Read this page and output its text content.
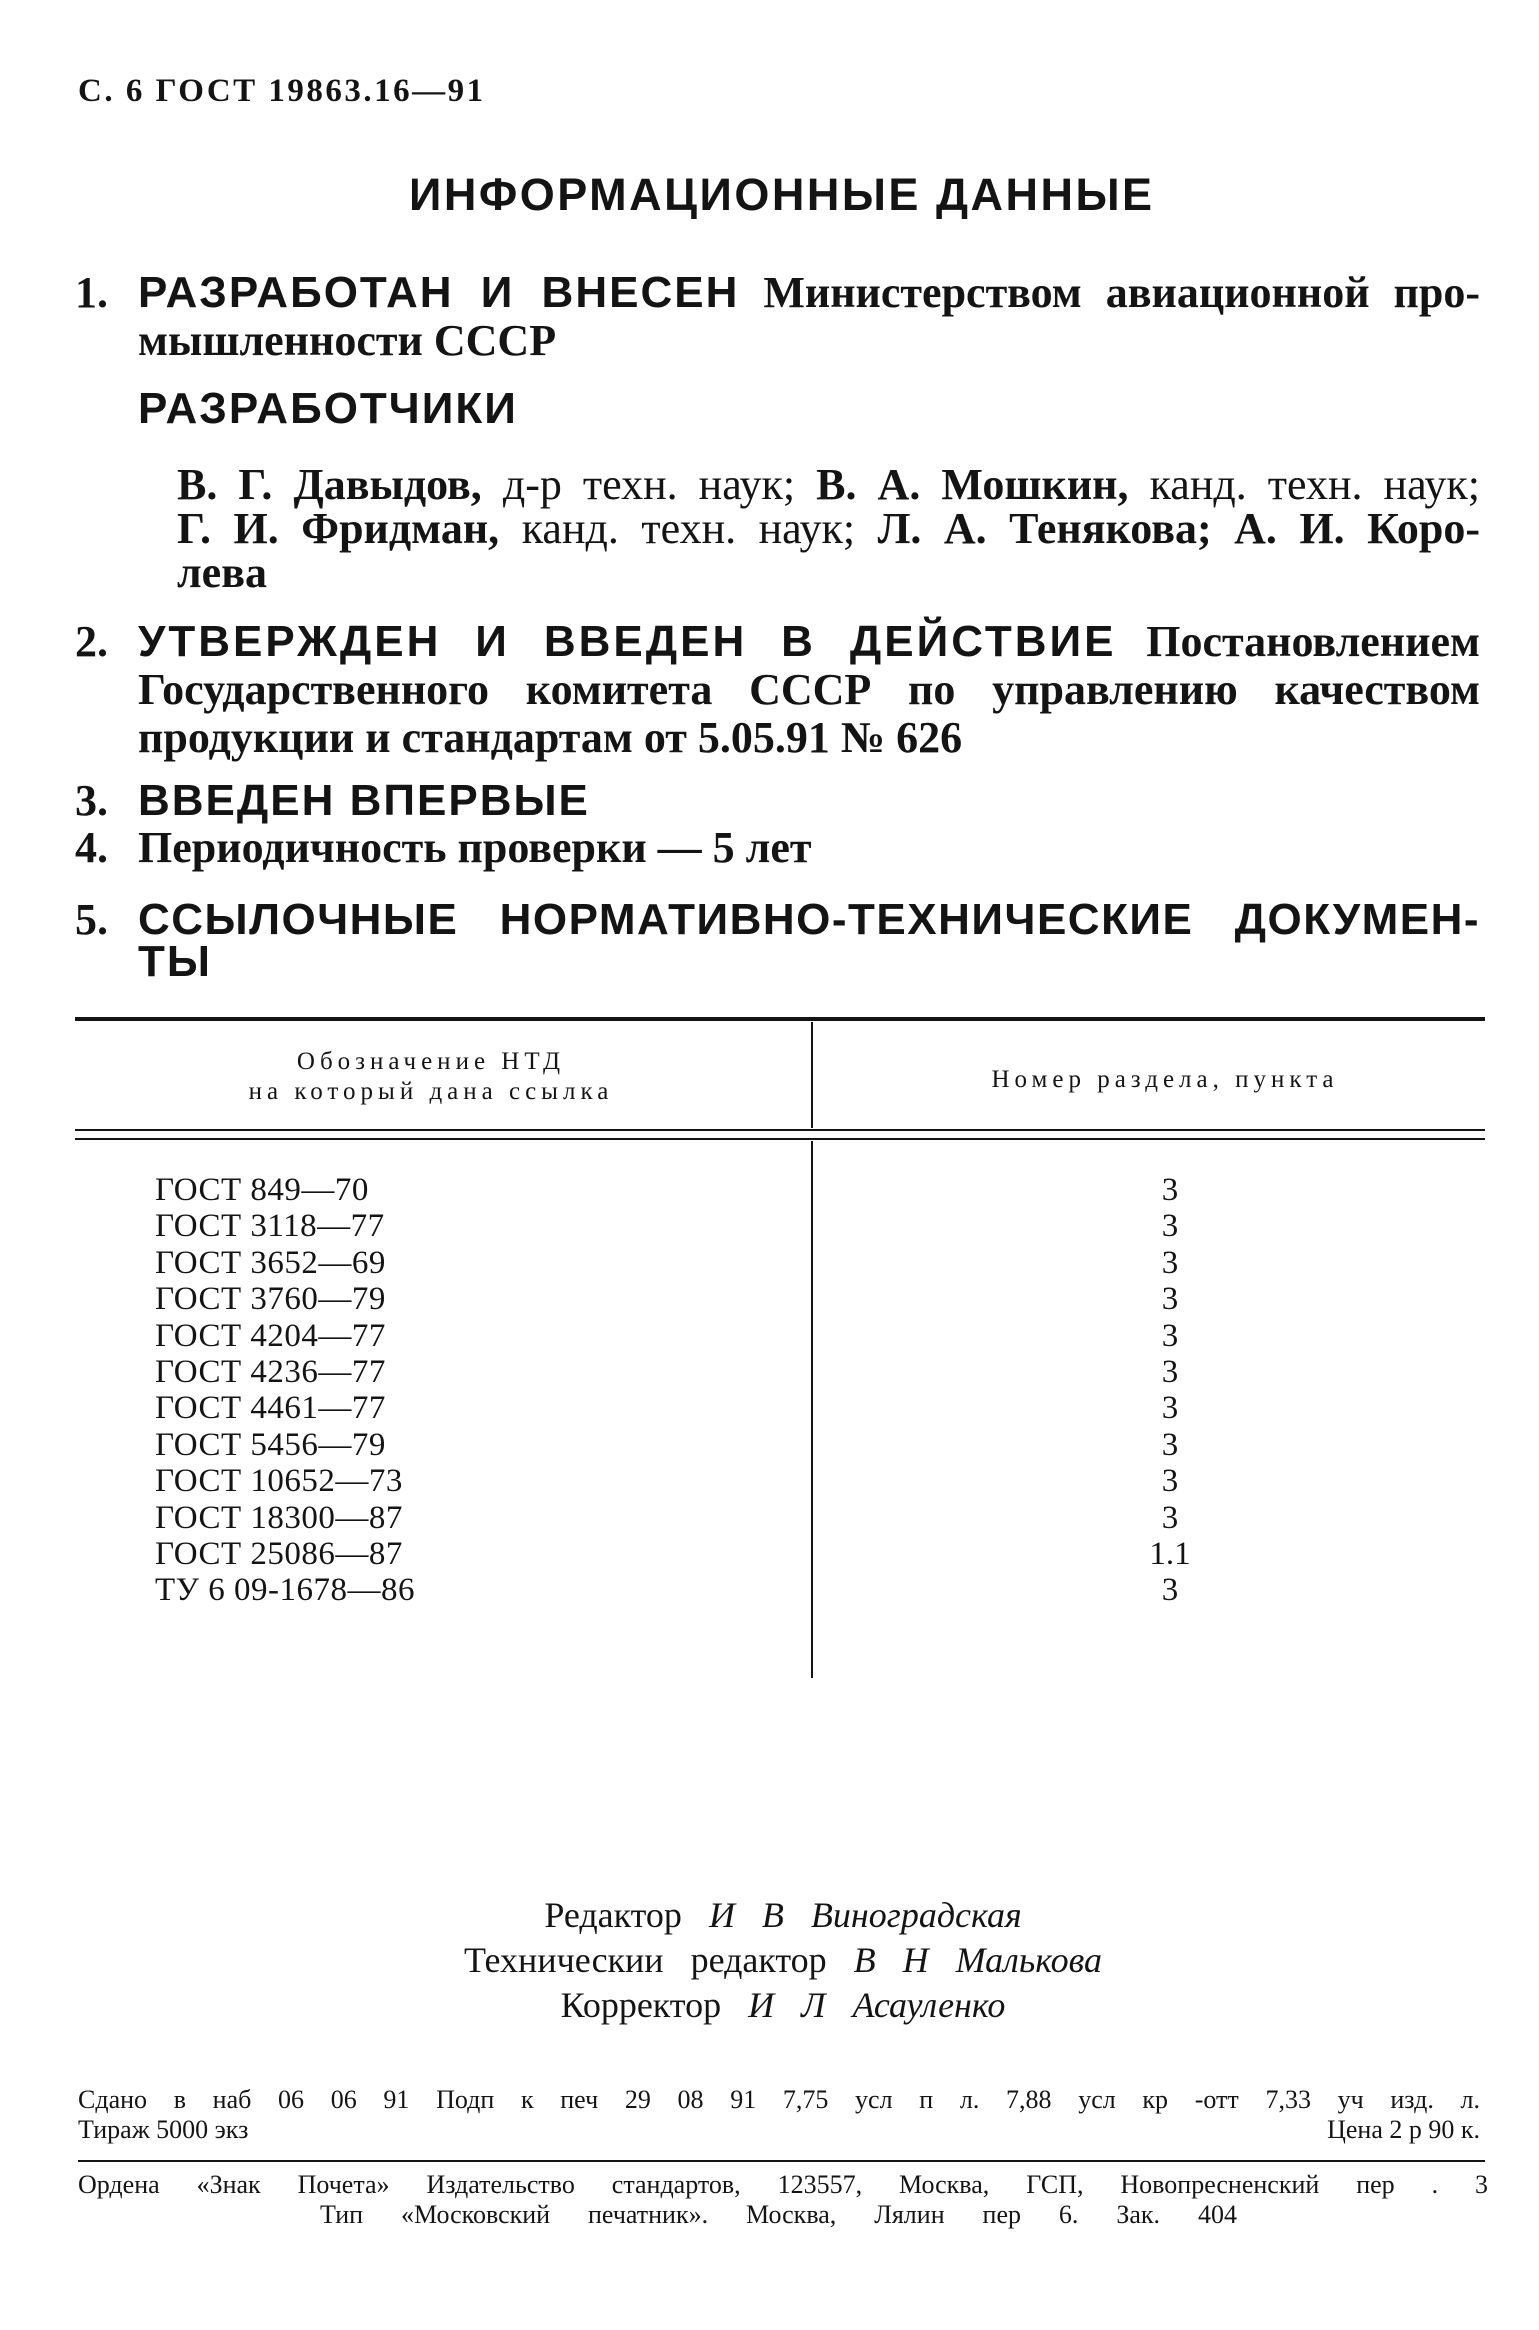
С. 6 ГОСТ 19863.16—91
ИНФОРМАЦИОННЫЕ ДАННЫЕ
1. РАЗРАБОТАН И ВНЕСЕН Министерством авиационной про-
мышленности СССР
РАЗРАБОТЧИКИ
В. Г. Давыдов, д-р техн. наук; В. А. Мошкин, канд. техн. наук;
Г. И. Фридман, канд. техн. наук; Л. А. Тенякова; А. И. Коро-
лева
2. УТВЕРЖДЕН И ВВЕДЕН В ДЕЙСТВИЕ Постановлением
Государственного комитета СССР по управлению качеством
продукции и стандартам от 5.05.91 № 626
3. ВВЕДЕН ВПЕРВЫЕ
4. Периодичность проверки — 5 лет
5. ССЫЛОЧНЫЕ НОРМАТИВНО-ТЕХНИЧЕСКИЕ ДОКУМЕН-
ТЫ
Обозначение НТД
на который дана ссылка	Номер раздела, пункта
ГОСТ 849—70	3
ГОСТ 3118—77	3
ГОСТ 3652—69	3
ГОСТ 3760—79	3
ГОСТ 4204—77	3
ГОСТ 4236—77	3
ГОСТ 4461—77	3
ГОСТ 5456—79	3
ГОСТ 10652—73	3
ГОСТ 18300—87	3
ГОСТ 25086—87	1.1
ТУ 6 09-1678—86	3
Редактор И В Виноградская
Техническии редактор В Н Малькова
Корректор И Л Асауленко
Сдано в наб 06 06 91 Подп к печ 29 08 91 7,75 усл п л. 7,88 усл кр -отт 7,33 уч изд. л.
Тираж 5000 экз	Цена 2 р 90 к.
Ордена «Знак Почета» Издательство стандартов, 123557, Москва, ГСП, Новопресненский пер . 3
Тип «Московский печатник». Москва, Лялин пер 6. Зак. 404
